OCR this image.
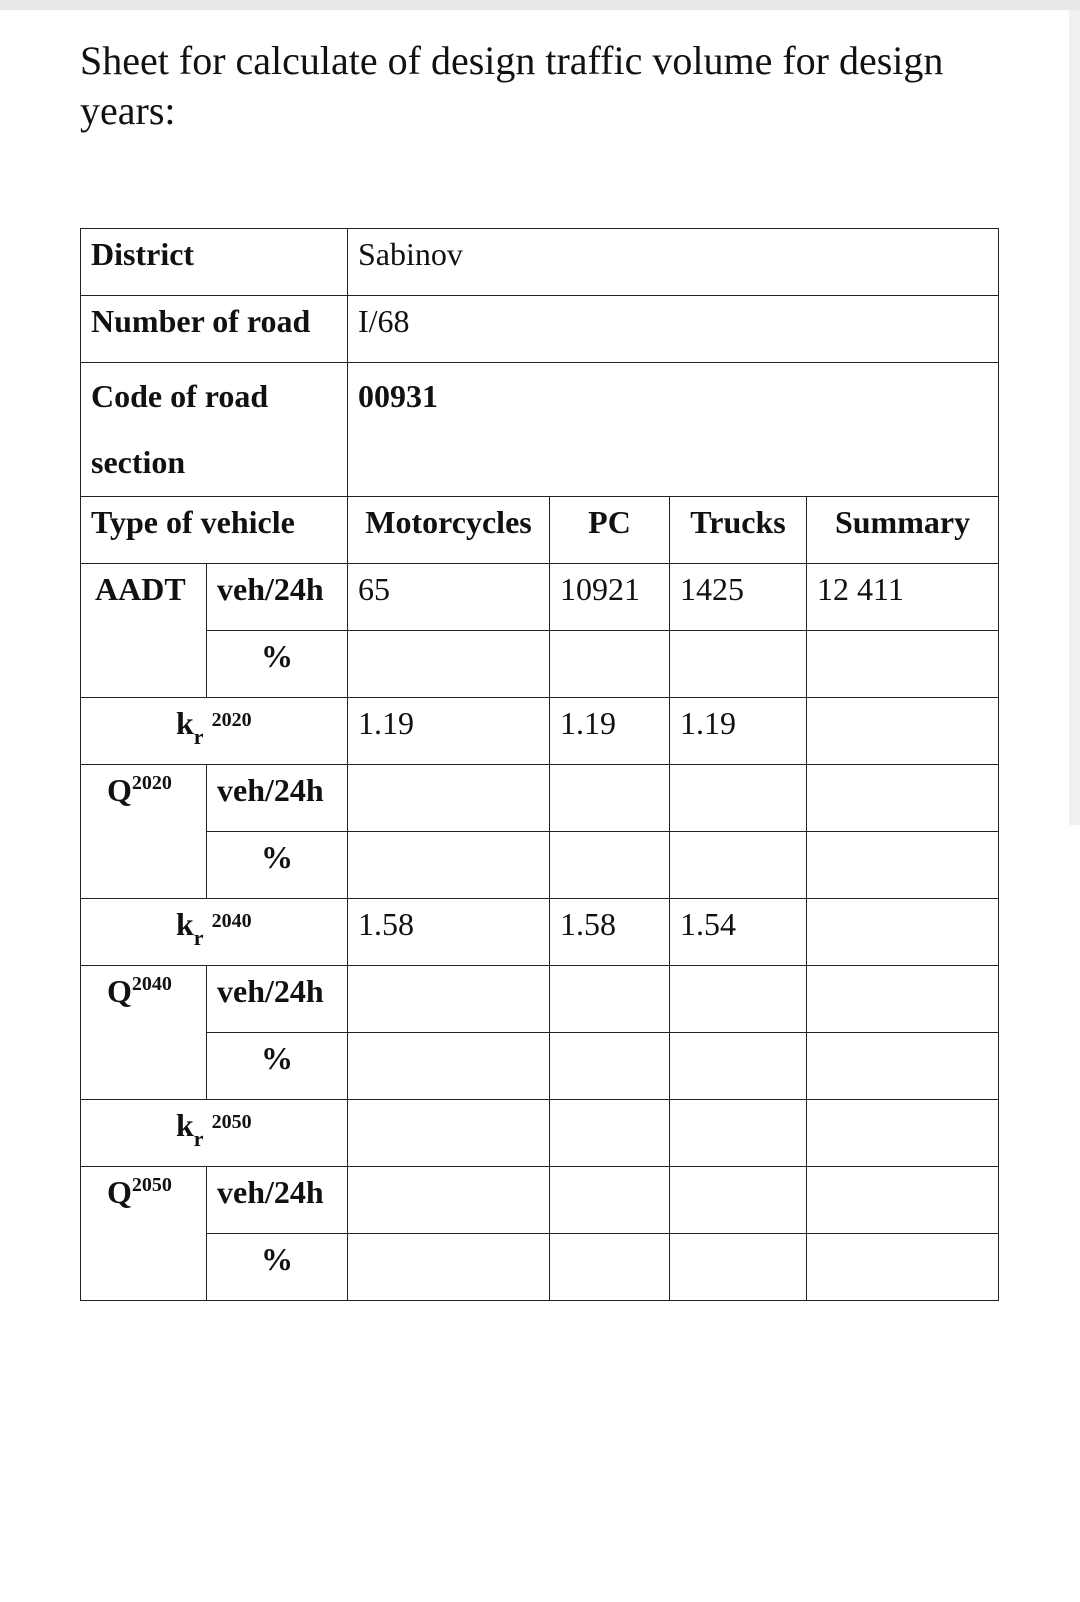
Sheet for calculate of design traffic volume for design years:
District		Sabinov			
Number of road		I/68			
Code of road
section		00931			
Type of vehicle		Motorcycles	PC	Trucks	Summary
AADT	veh/24h	65	10921	1425	12 411
	%				
$k_r^{2020}$		1.19	1.19	1.19	
$Q^{2020}$	veh/24h				
	%				
$k_r^{2040}$		1.58	1.58	1.54	
$Q^{2040}$	veh/24h				
	%				
$k_r^{2050}$				
$Q^{2050}$	veh/24h				
	%				
